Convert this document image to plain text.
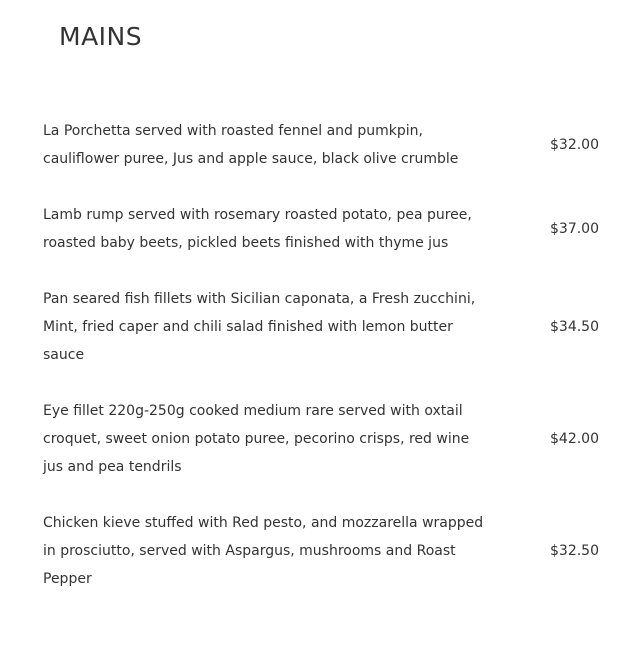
MAINS

La Porchetta served with roasted fennel and pumkpin, cauliflower puree, Jus and apple sauce, black olive crumble

$32.00

Lamb rump served with rosemary roasted potato, pea puree, roasted baby beets, pickled beets finished with thyme jus

$37.00

Pan seared fish fillets with Sicilian caponata, a Fresh zucchini, Mint, fried caper and chili salad finished with lemon butter sauce

$34.50

Eye fillet 220g-250g cooked medium rare served with oxtail croquet, sweet onion potato puree, pecorino crisps, red wine jus and pea tendrils

$42.00

Chicken kieve stuffed with Red pesto, and mozzarella wrapped in prosciutto, served with Aspargus, mushrooms and Roast Pepper

$32.50
